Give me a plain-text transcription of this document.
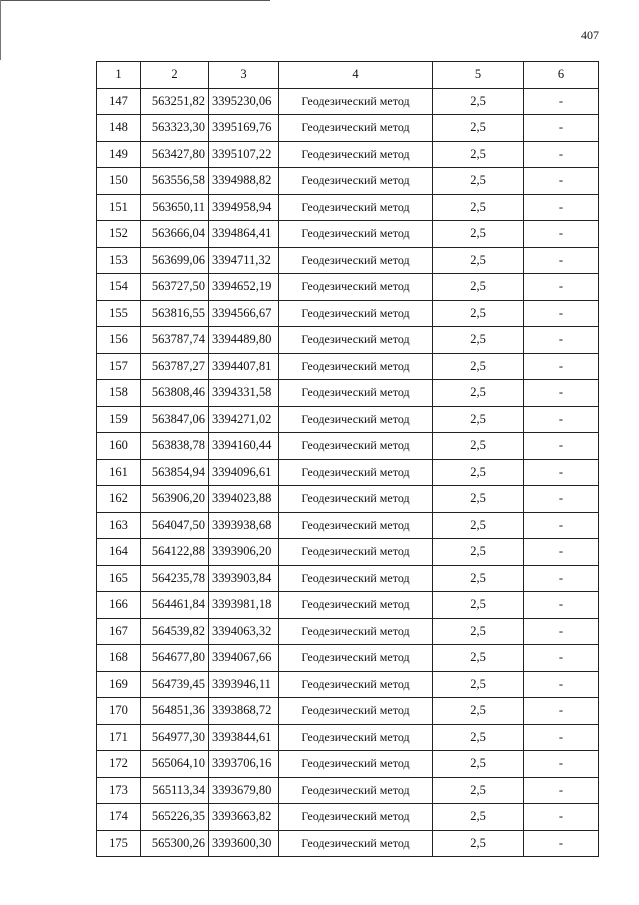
407
1	2	3	4	5	6
147	563251,82	3395230,06	Геодезический метод	2,5	-
148	563323,30	3395169,76	Геодезический метод	2,5	-
149	563427,80	3395107,22	Геодезический метод	2,5	-
150	563556,58	3394988,82	Геодезический метод	2,5	-
151	563650,11	3394958,94	Геодезический метод	2,5	-
152	563666,04	3394864,41	Геодезический метод	2,5	-
153	563699,06	3394711,32	Геодезический метод	2,5	-
154	563727,50	3394652,19	Геодезический метод	2,5	-
155	563816,55	3394566,67	Геодезический метод	2,5	-
156	563787,74	3394489,80	Геодезический метод	2,5	-
157	563787,27	3394407,81	Геодезический метод	2,5	-
158	563808,46	3394331,58	Геодезический метод	2,5	-
159	563847,06	3394271,02	Геодезический метод	2,5	-
160	563838,78	3394160,44	Геодезический метод	2,5	-
161	563854,94	3394096,61	Геодезический метод	2,5	-
162	563906,20	3394023,88	Геодезический метод	2,5	-
163	564047,50	3393938,68	Геодезический метод	2,5	-
164	564122,88	3393906,20	Геодезический метод	2,5	-
165	564235,78	3393903,84	Геодезический метод	2,5	-
166	564461,84	3393981,18	Геодезический метод	2,5	-
167	564539,82	3394063,32	Геодезический метод	2,5	-
168	564677,80	3394067,66	Геодезический метод	2,5	-
169	564739,45	3393946,11	Геодезический метод	2,5	-
170	564851,36	3393868,72	Геодезический метод	2,5	-
171	564977,30	3393844,61	Геодезический метод	2,5	-
172	565064,10	3393706,16	Геодезический метод	2,5	-
173	565113,34	3393679,80	Геодезический метод	2,5	-
174	565226,35	3393663,82	Геодезический метод	2,5	-
175	565300,26	3393600,30	Геодезический метод	2,5	-
